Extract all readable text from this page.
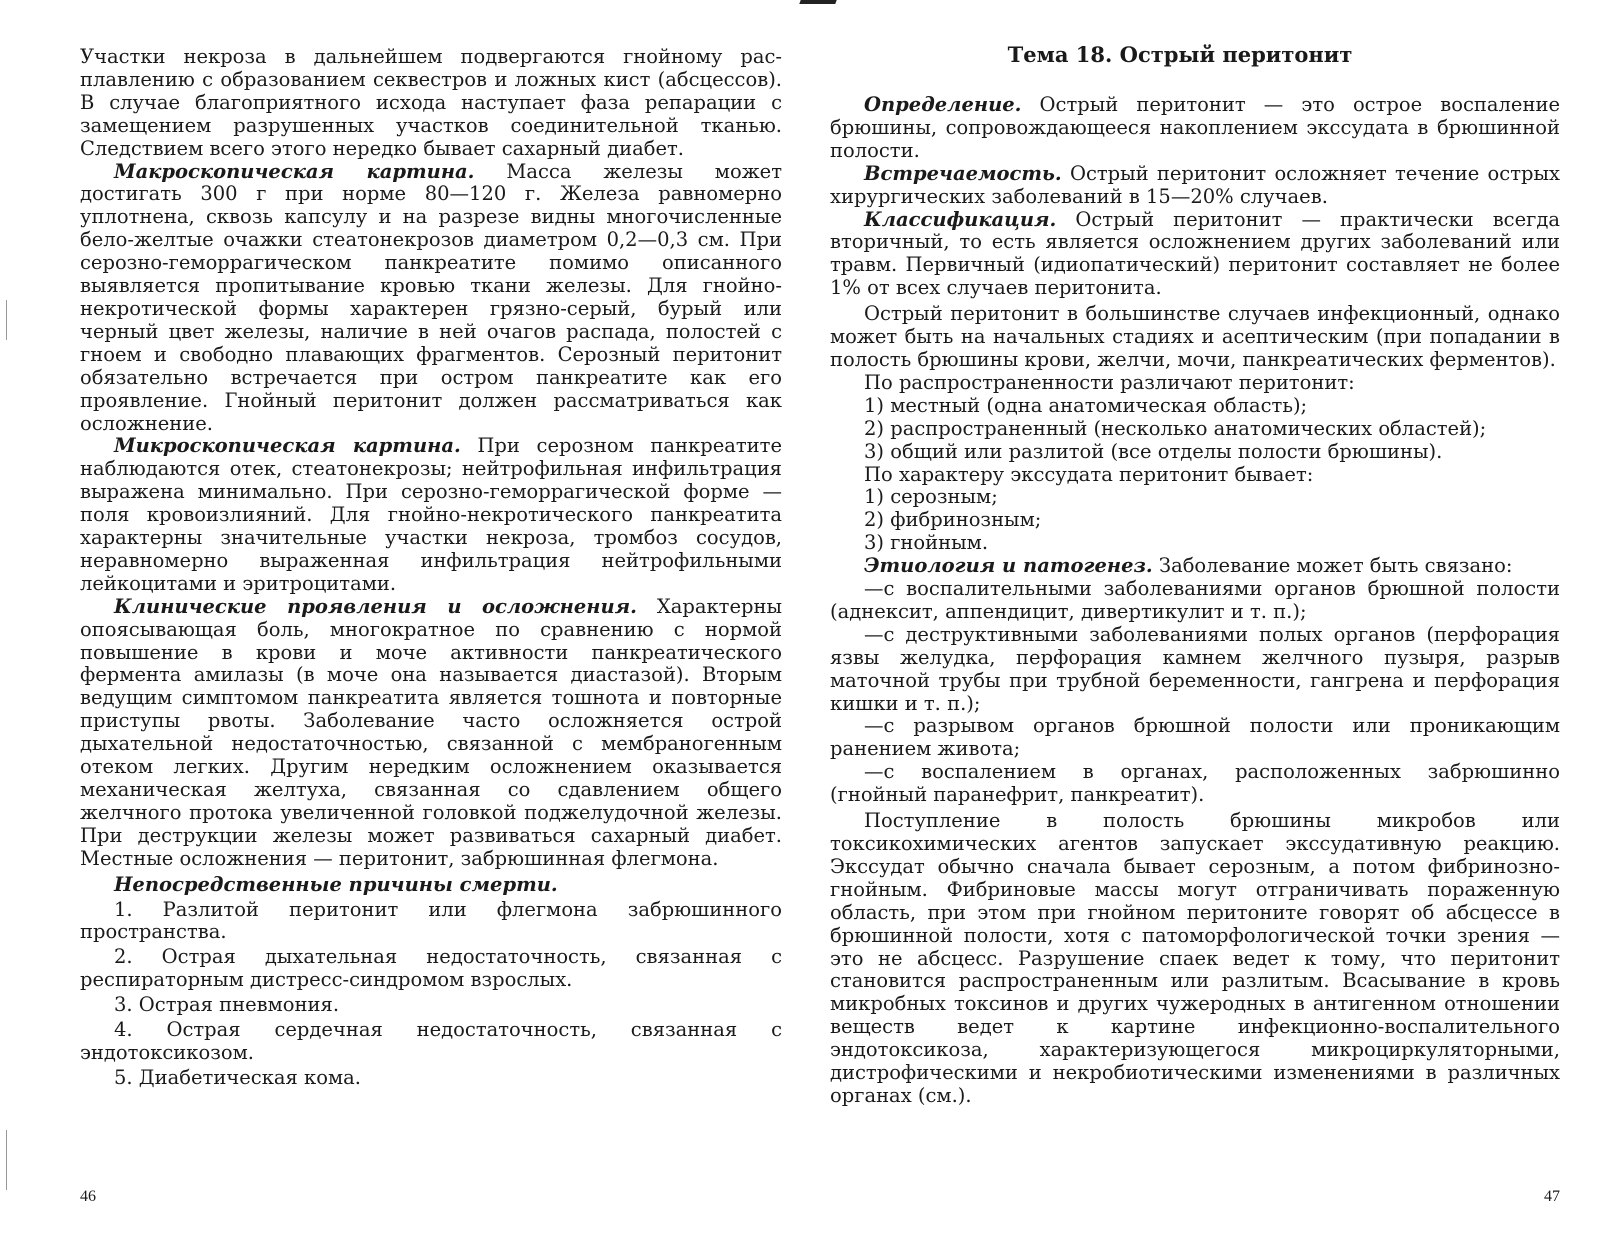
Участки некроза в дальнейшем подвергаются гнойному рас-плавлению с образованием секвестров и ложных кист (абсцессов). В случае благоприятного исхода наступает фаза репарации с замещением разрушенных участков соединительной тканью. Следствием всего этого нередко бывает сахарный диабет.

Макроскопическая картина. Масса железы может достигать 300 г при норме 80—120 г. Железа равномерно уплотнена, сквозь капсулу и на разрезе видны многочисленные бело-желтые очажки стеатонекрозов диаметром 0,2—0,3 см. При серозно-геморрагическом панкреатите помимо описанного выявляется пропитывание кровью ткани железы. Для гнойно-некротической формы характерен грязно-серый, бурый или черный цвет железы, наличие в ней очагов распада, полостей с гноем и свободно плавающих фрагментов. Серозный перитонит обязательно встречается при остром панкреатите как его проявление. Гнойный перитонит должен рассматриваться как осложнение.

Микроскопическая картина. При серозном панкреатите наблюдаются отек, стеатонекрозы; нейтрофильная инфильтрация выражена минимально. При серозно-геморрагической форме — поля кровоизлияний. Для гнойно-некротического панкреатита характерны значительные участки некроза, тромбоз сосудов, неравномерно выраженная инфильтрация нейтрофильными лейкоцитами и эритроцитами.

Клинические проявления и осложнения. Характерны опоясывающая боль, многократное по сравнению с нормой повышение в крови и моче активности панкреатического фермента амилазы (в моче она называется диастазой). Вторым ведущим симптомом панкреатита является тошнота и повторные приступы рвоты. Заболевание часто осложняется острой дыхательной недостаточностью, связанной с мембраногенным отеком легких. Другим нередким осложнением оказывается механическая желтуха, связанная со сдавлением общего желчного протока увеличенной головкой поджелудочной железы. При деструкции железы может развиваться сахарный диабет. Местные осложнения — перитонит, забрюшинная флегмона.

Непосредственные причины смерти.

1. Разлитой перитонит или флегмона забрюшинного пространства.

2. Острая дыхательная недостаточность, связанная с респираторным дистресс-синдромом взрослых.

3. Острая пневмония.

4. Острая сердечная недостаточность, связанная с эндотоксикозом.

5. Диабетическая кома.

46
Тема 18. Острый перитонит

Определение. Острый перитонит — это острое воспаление брюшины, сопровождающееся накоплением экссудата в брюшинной полости.

Встречаемость. Острый перитонит осложняет течение острых хирургических заболеваний в 15—20% случаев.

Классификация. Острый перитонит — практически всегда вторичный, то есть является осложнением других заболеваний или травм. Первичный (идиопатический) перитонит составляет не более 1% от всех случаев перитонита.

Острый перитонит в большинстве случаев инфекционный, однако может быть на начальных стадиях и асептическим (при попадании в полость брюшины крови, желчи, мочи, панкреатических ферментов).

По распространенности различают перитонит:

1) местный (одна анатомическая область);

2) распространенный (несколько анатомических областей);

3) общий или разлитой (все отделы полости брюшины).

По характеру экссудата перитонит бывает:

1) серозным;

2) фибринозным;

3) гнойным.

Этиология и патогенез. Заболевание может быть связано:

—с воспалительными заболеваниями органов брюшной полости (аднексит, аппендицит, дивертикулит и т. п.);

—с деструктивными заболеваниями полых органов (перфорация язвы желудка, перфорация камнем желчного пузыря, разрыв маточной трубы при трубной беременности, гангрена и перфорация кишки и т. п.);

—с разрывом органов брюшной полости или проникающим ранением живота;

—с воспалением в органах, расположенных забрюшинно (гнойный паранефрит, панкреатит).

Поступление в полость брюшины микробов или токсикохимических агентов запускает экссудативную реакцию. Экссудат обычно сначала бывает серозным, а потом фибринозно-гнойным. Фибриновые массы могут отграничивать пораженную область, при этом при гнойном перитоните говорят об абсцессе в брюшинной полости, хотя с патоморфологической точки зрения — это не абсцесс. Разрушение спаек ведет к тому, что перитонит становится распространенным или разлитым. Всасывание в кровь микробных токсинов и других чужеродных в антигенном отношении веществ ведет к картине инфекционно-воспалительного эндотоксикоза, характеризующегося микроциркуляторными, дистрофическими и некробиотическими изменениями в различных органах (см.).

47
